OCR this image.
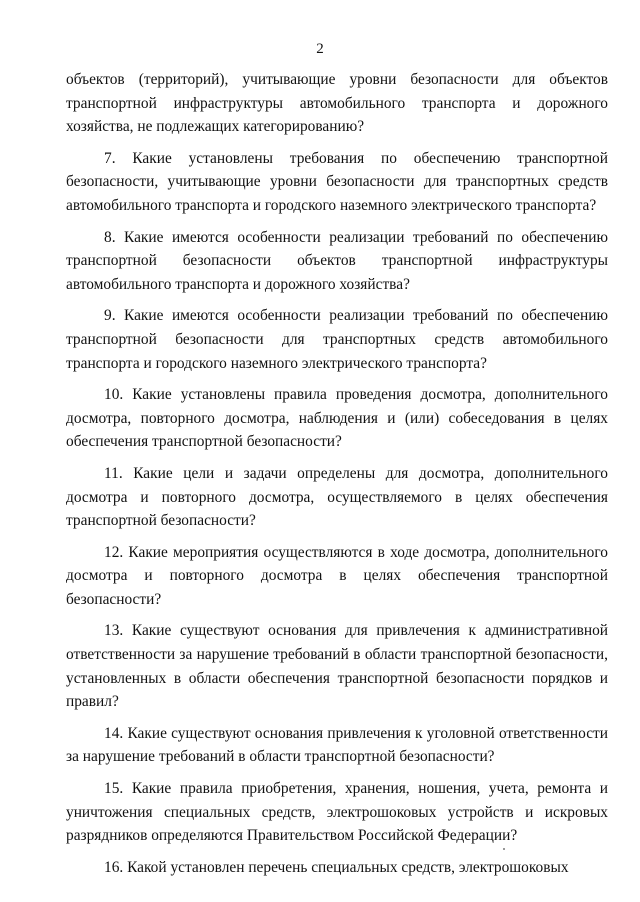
2

объектов (территорий), учитывающие уровни безопасности для объектов транспортной инфраструктуры автомобильного транспорта и дорожного хозяйства, не подлежащих категорированию?

7. Какие установлены требования по обеспечению транспортной безопасности, учитывающие уровни безопасности для транспортных средств автомобильного транспорта и городского наземного электрического транспорта?

8. Какие имеются особенности реализации требований по обеспечению транспортной безопасности объектов транспортной инфраструктуры автомобильного транспорта и дорожного хозяйства?

9. Какие имеются особенности реализации требований по обеспечению транспортной безопасности для транспортных средств автомобильного транспорта и городского наземного электрического транспорта?

10. Какие установлены правила проведения досмотра, дополнительного досмотра, повторного досмотра, наблюдения и (или) собеседования в целях обеспечения транспортной безопасности?

11. Какие цели и задачи определены для досмотра, дополнительного досмотра и повторного досмотра, осуществляемого в целях обеспечения транспортной безопасности?

12. Какие мероприятия осуществляются в ходе досмотра, дополнительного досмотра и повторного досмотра в целях обеспечения транспортной безопасности?

13. Какие существуют основания для привлечения к административной ответственности за нарушение требований в области транспортной безопасности, установленных в области обеспечения транспортной безопасности порядков и правил?

14. Какие существуют основания привлечения к уголовной ответственности за нарушение требований в области транспортной безопасности?

15. Какие правила приобретения, хранения, ношения, учета, ремонта и уничтожения специальных средств, электрошоковых устройств и искровых разрядников определяются Правительством Российской Федерации?

16. Какой установлен перечень специальных средств, электрошоковых
